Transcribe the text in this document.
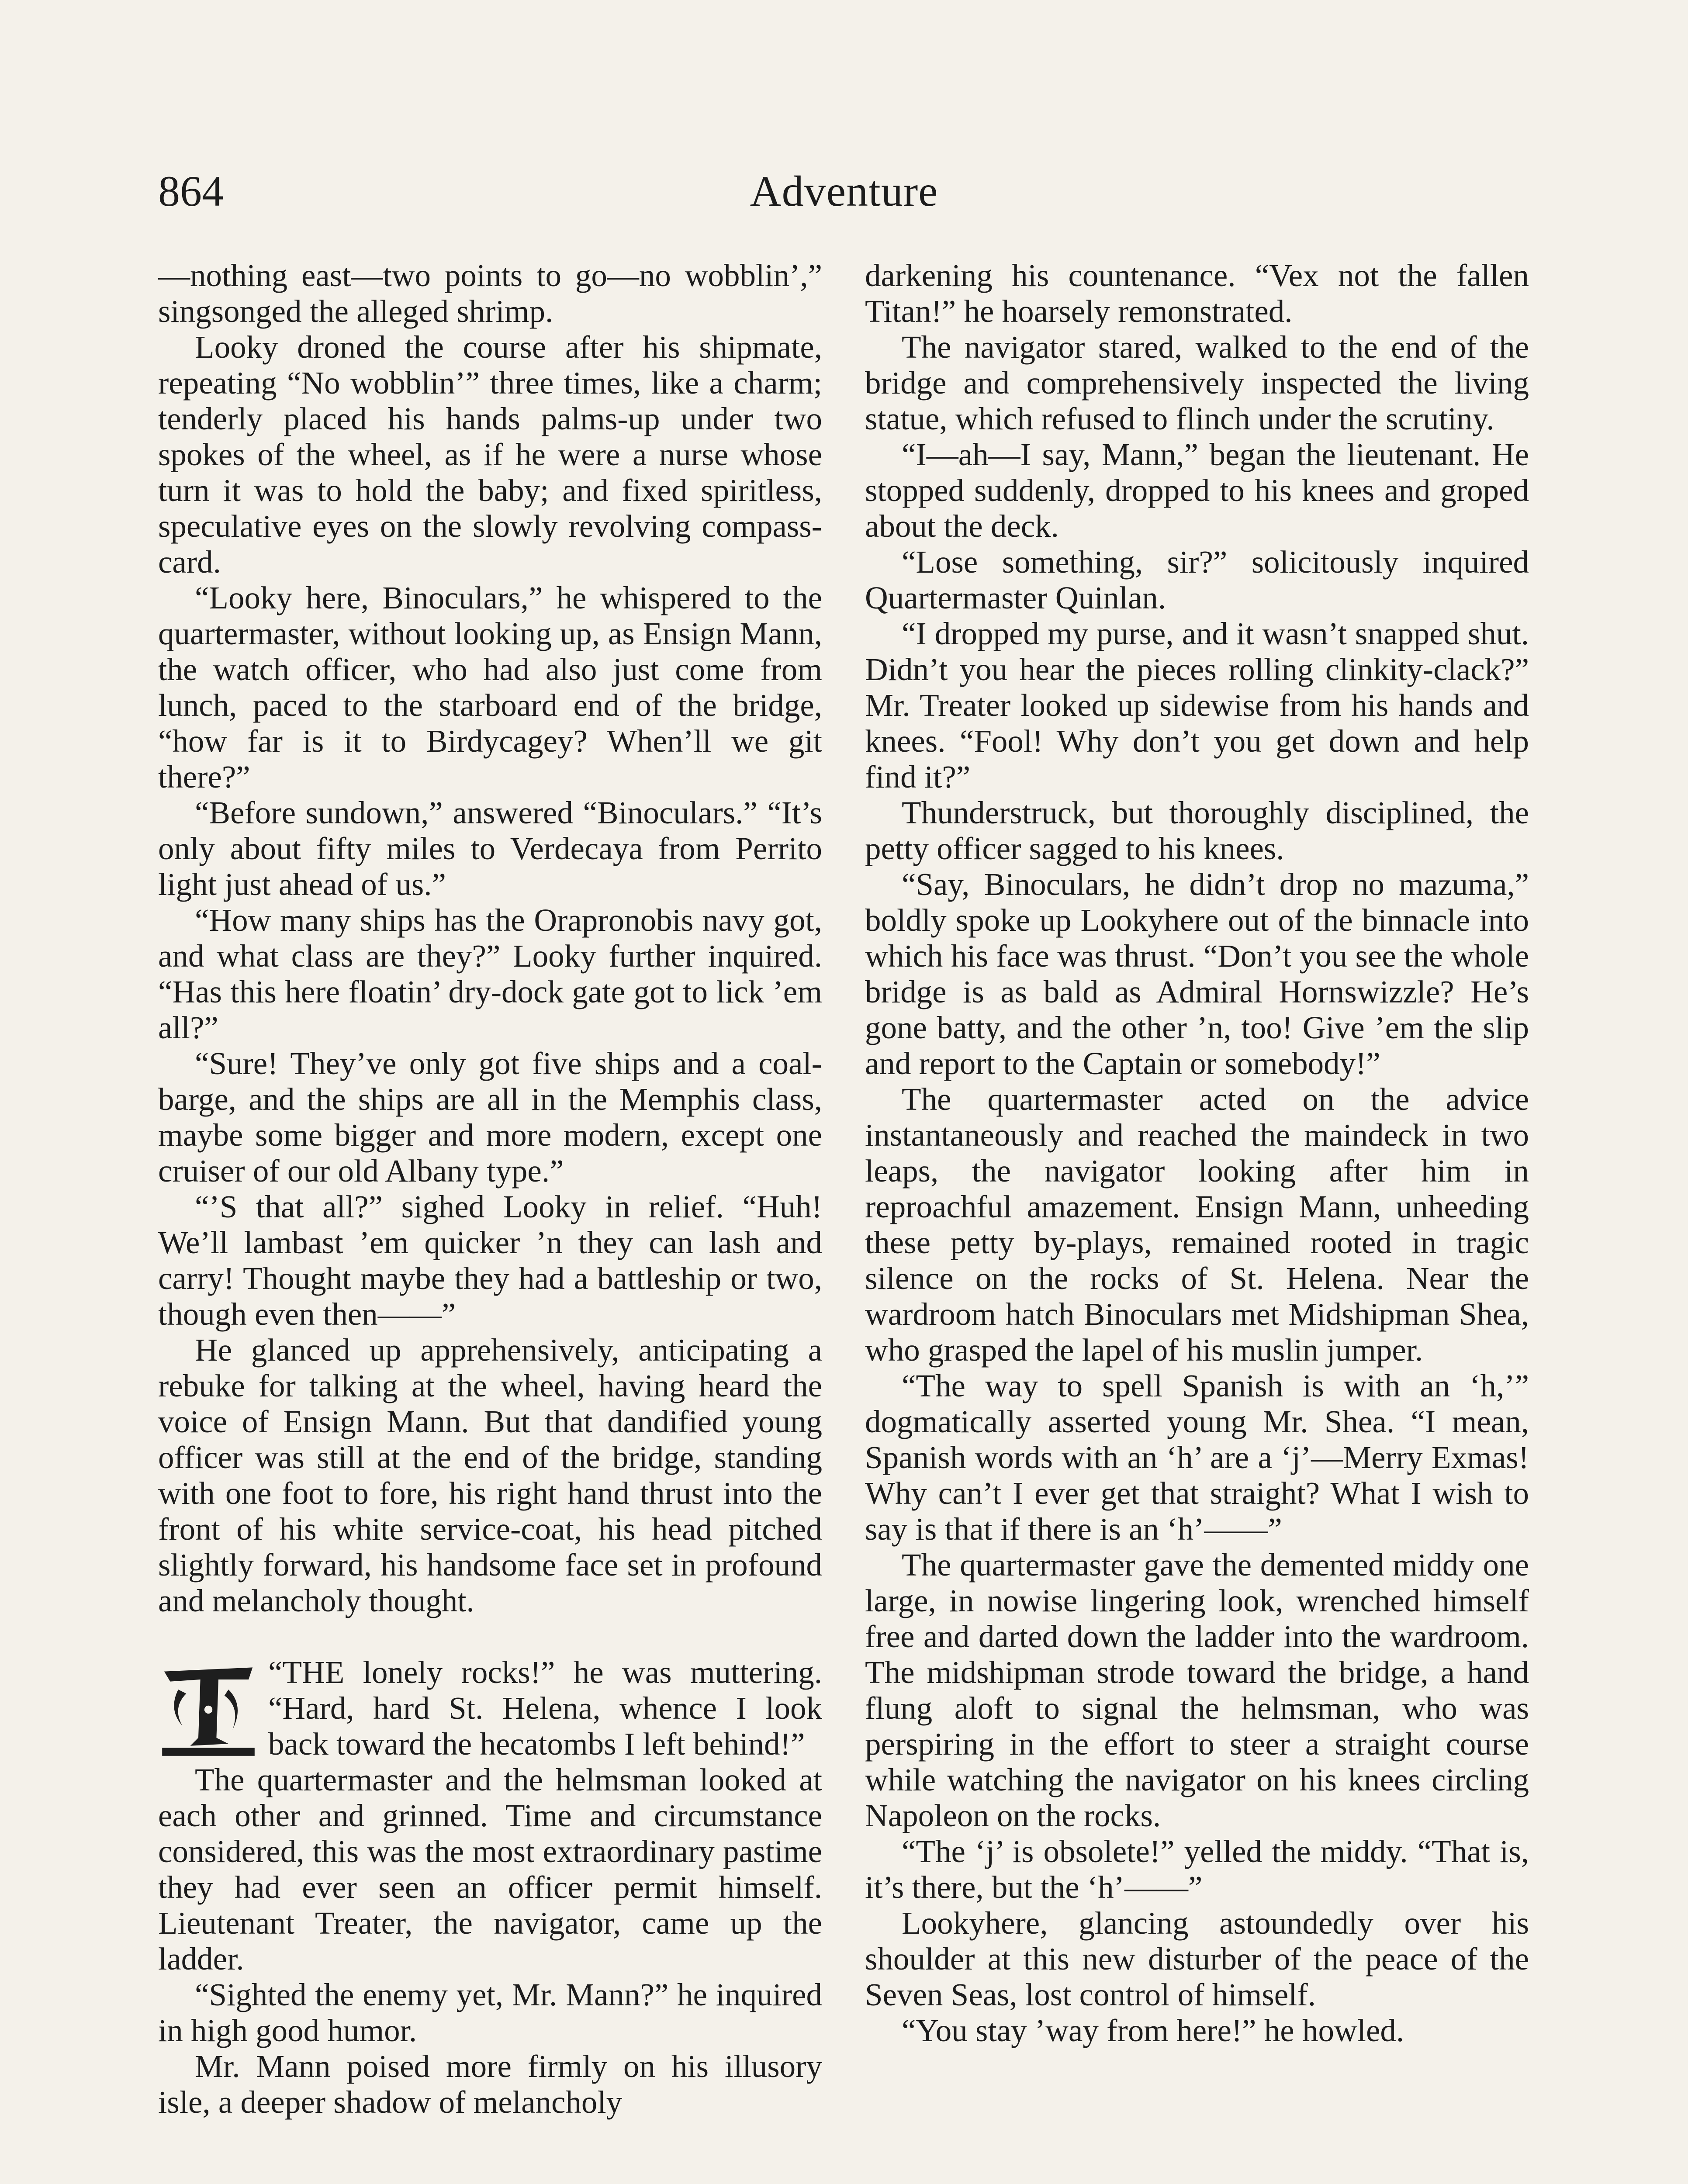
864	Adventure

—nothing east—two points to go—no wobblin’,” singsonged the alleged shrimp.

Looky droned the course after his shipmate, repeating “No wobblin’” three times, like a charm; tenderly placed his hands palms-up under two spokes of the wheel, as if he were a nurse whose turn it was to hold the baby; and fixed spiritless, speculative eyes on the slowly revolving compass-card.

“Looky here, Binoculars,” he whispered to the quartermaster, without looking up, as Ensign Mann, the watch officer, who had also just come from lunch, paced to the starboard end of the bridge, “how far is it to Birdycagey? When’ll we git there?”

“Before sundown,” answered “Binoculars.” “It’s only about fifty miles to Verdecaya from Perrito light just ahead of us.”

“How many ships has the Orapronobis navy got, and what class are they?” Looky further inquired. “Has this here floatin’ dry-dock gate got to lick ’em all?”

“Sure! They’ve only got five ships and a coal-barge, and the ships are all in the Memphis class, maybe some bigger and more modern, except one cruiser of our old Albany type.”

“’S that all?” sighed Looky in relief. “Huh! We’ll lambast ’em quicker ’n they can lash and carry! Thought maybe they had a battleship or two, though even then——”

He glanced up apprehensively, anticipating a rebuke for talking at the wheel, having heard the voice of Ensign Mann. But that dandified young officer was still at the end of the bridge, standing with one foot to fore, his right hand thrust into the front of his white service-coat, his head pitched slightly forward, his handsome face set in profound and melancholy thought.

“THE lonely rocks!” he was muttering. “Hard, hard St. Helena, whence I look back toward the hecatombs I left behind!”

The quartermaster and the helmsman looked at each other and grinned. Time and circumstance considered, this was the most extraordinary pastime they had ever seen an officer permit himself. Lieutenant Treater, the navigator, came up the ladder.

“Sighted the enemy yet, Mr. Mann?” he inquired in high good humor.

Mr. Mann poised more firmly on his illusory isle, a deeper shadow of melancholy

darkening his countenance. “Vex not the fallen Titan!” he hoarsely remonstrated.

The navigator stared, walked to the end of the bridge and comprehensively inspected the living statue, which refused to flinch under the scrutiny.

“I—ah—I say, Mann,” began the lieutenant. He stopped suddenly, dropped to his knees and groped about the deck.

“Lose something, sir?” solicitously inquired Quartermaster Quinlan.

“I dropped my purse, and it wasn’t snapped shut. Didn’t you hear the pieces rolling clinkity-clack?” Mr. Treater looked up sidewise from his hands and knees. “Fool! Why don’t you get down and help find it?”

Thunderstruck, but thoroughly disciplined, the petty officer sagged to his knees.

“Say, Binoculars, he didn’t drop no mazuma,” boldly spoke up Lookyhere out of the binnacle into which his face was thrust. “Don’t you see the whole bridge is as bald as Admiral Hornswizzle? He’s gone batty, and the other ’n, too! Give ’em the slip and report to the Captain or somebody!”

The quartermaster acted on the advice instantaneously and reached the maindeck in two leaps, the navigator looking after him in reproachful amazement. Ensign Mann, unheeding these petty by-plays, remained rooted in tragic silence on the rocks of St. Helena. Near the wardroom hatch Binoculars met Midshipman Shea, who grasped the lapel of his muslin jumper.

“The way to spell Spanish is with an ‘h,’” dogmatically asserted young Mr. Shea. “I mean, Spanish words with an ‘h’ are a ‘j’—Merry Exmas! Why can’t I ever get that straight? What I wish to say is that if there is an ‘h’——”

The quartermaster gave the demented middy one large, in nowise lingering look, wrenched himself free and darted down the ladder into the wardroom. The midshipman strode toward the bridge, a hand flung aloft to signal the helmsman, who was perspiring in the effort to steer a straight course while watching the navigator on his knees circling Napoleon on the rocks.

“The ‘j’ is obsolete!” yelled the middy. “That is, it’s there, but the ‘h’——”

Lookyhere, glancing astoundedly over his shoulder at this new disturber of the peace of the Seven Seas, lost control of himself.

“You stay ’way from here!” he howled.
